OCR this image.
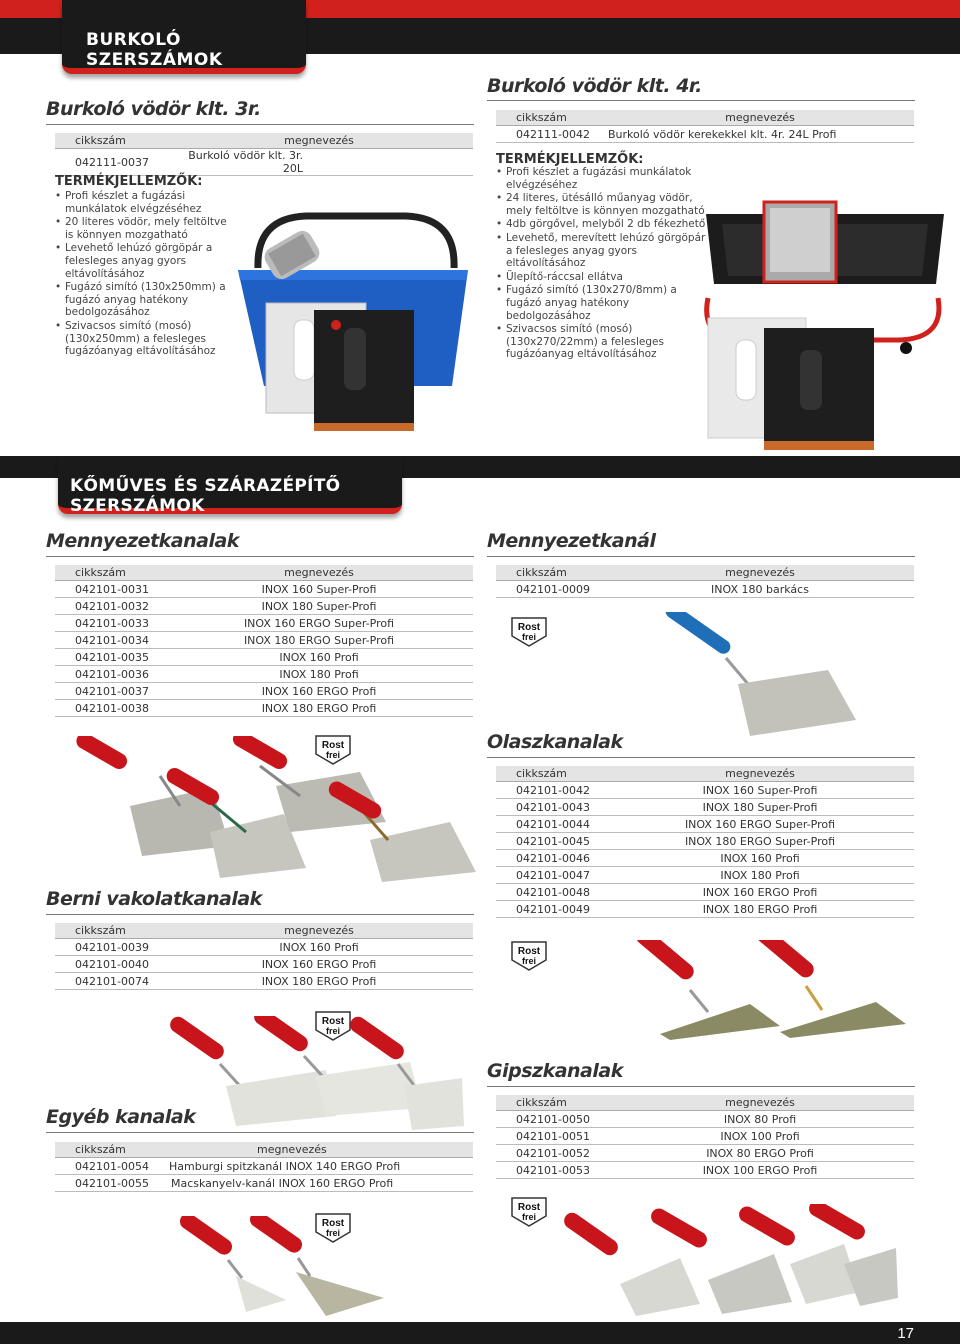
BURKOLÓ SZERSZÁMOK
KŐMŰVES ÉS SZÁRAZÉPÍTŐ SZERSZÁMOK
17
Burkoló vödör klt. 3r.
cikkszám	megnevezés
042111-0037	Burkoló vödör klt. 3r. 20L
TERMÉKJELLEMZŐK:
• Profi készlet a fugázási munkálatok elvégzéséhez
• 20 literes vödör, mely feltöltve is könnyen mozgatható
• Levehető lehúzó görgöpár a felesleges anyag gyors eltávolításához
• Fugázó simító (130x250mm) a fugázó anyag hatékony bedolgozásához
• Szivacsos simító (mosó) (130x250mm) a felesleges fugázóanyag eltávolításához
Burkoló vödör klt. 4r.
cikkszám	megnevezés
042111-0042	Burkoló vödör kerekekkel klt. 4r. 24L Profi
TERMÉKJELLEMZŐK:
• Profi készlet a fugázási munkálatok elvégzéséhez
• 24 literes, ütésálló műanyag vödör, mely feltöltve is könnyen mozgatható
• 4db görgővel, melyből 2 db fékezhető
• Levehető, merevített lehúzó görgöpár a felesleges anyag gyors eltávolításához
• Ülepítő-ráccsal ellátva
• Fugázó simító (130x270/8mm) a fugázó anyag hatékony bedolgozásához
• Szivacsos simító (mosó) (130x270/22mm) a felesleges fugázóanyag eltávolításához
Mennyezetkanalak
cikkszám	megnevezés
042101-0031	INOX 160 Super-Profi
042101-0032	INOX 180 Super-Profi
042101-0033	INOX 160 ERGO Super-Profi
042101-0034	INOX 180 ERGO Super-Profi
042101-0035	INOX 160 Profi
042101-0036	INOX 180 Profi
042101-0037	INOX 160 ERGO Profi
042101-0038	INOX 180 ERGO Profi
Rost
frei
Mennyezetkanál
cikkszám	megnevezés
042101-0009	INOX 180 barkács
Rost
frei
Olaszkanalak
cikkszám	megnevezés
042101-0042	INOX 160 Super-Profi
042101-0043	INOX 180 Super-Profi
042101-0044	INOX 160 ERGO Super-Profi
042101-0045	INOX 180 ERGO Super-Profi
042101-0046	INOX 160 Profi
042101-0047	INOX 180 Profi
042101-0048	INOX 160 ERGO Profi
042101-0049	INOX 180 ERGO Profi
Rost
frei
Berni vakolatkanalak
cikkszám	megnevezés
042101-0039	INOX 160 Profi
042101-0040	INOX 160 ERGO Profi
042101-0074	INOX 180 ERGO Profi
Rost
frei
Gipszkanalak
cikkszám	megnevezés
042101-0050	INOX 80 Profi
042101-0051	INOX 100 Profi
042101-0052	INOX 80 ERGO Profi
042101-0053	INOX 100 ERGO Profi
Rost
frei
Egyéb kanalak
cikkszám	megnevezés
042101-0054	Hamburgi spitzkanál INOX 140 ERGO Profi
042101-0055	Macskanyelv-kanál INOX 160 ERGO Profi
Rost
frei
